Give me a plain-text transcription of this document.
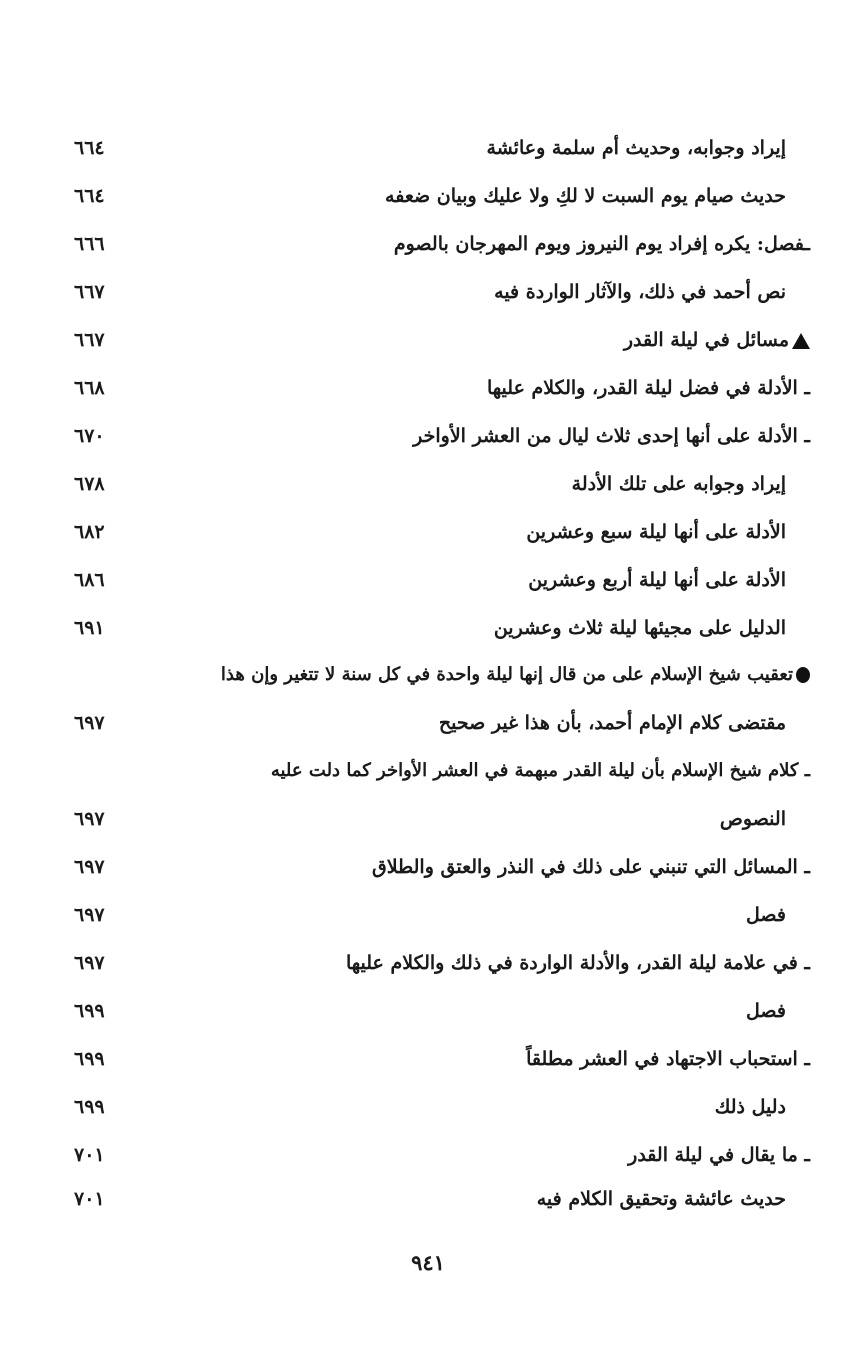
إيراد وجوابه، وحديث أم سلمة وعائشة
٦٦٤
حديث صيام يوم السبت لا لكِ ولا عليك وبيان ضعفه
٦٦٤
ـفصل: يكره إفراد يوم النيروز ويوم المهرجان بالصوم
٦٦٦
نص أحمد في ذلك، والآثار الواردة فيه
٦٦٧
مسائل في ليلة القدر
٦٦٧
ـ الأدلة في فضل ليلة القدر، والكلام عليها
٦٦٨
ـ الأدلة على أنها إحدى ثلاث ليال من العشر الأواخر
٦٧٠
إيراد وجوابه على تلك الأدلة
٦٧٨
الأدلة على أنها ليلة سبع وعشرين
٦٨٢
الأدلة على أنها ليلة أربع وعشرين
٦٨٦
الدليل على مجيئها ليلة ثلاث وعشرين
٦٩١
تعقيب شيخ الإسلام على من قال إنها ليلة واحدة في كل سنة لا تتغير وإن هذا
مقتضى كلام الإمام أحمد، بأن هذا غير صحيح
٦٩٧
ـ كلام شيخ الإسلام بأن ليلة القدر مبهمة في العشر الأواخر كما دلت عليه
النصوص
٦٩٧
ـ المسائل التي تنبني على ذلك في النذر والعتق والطلاق
٦٩٧
فصل
٦٩٧
ـ في علامة ليلة القدر، والأدلة الواردة في ذلك والكلام عليها
٦٩٧
فصل
٦٩٩
ـ استحباب الاجتهاد في العشر مطلقاً
٦٩٩
دليل ذلك
٦٩٩
ـ ما يقال في ليلة القدر
٧٠١
حديث عائشة وتحقيق الكلام فيه
٧٠١
٩٤١
